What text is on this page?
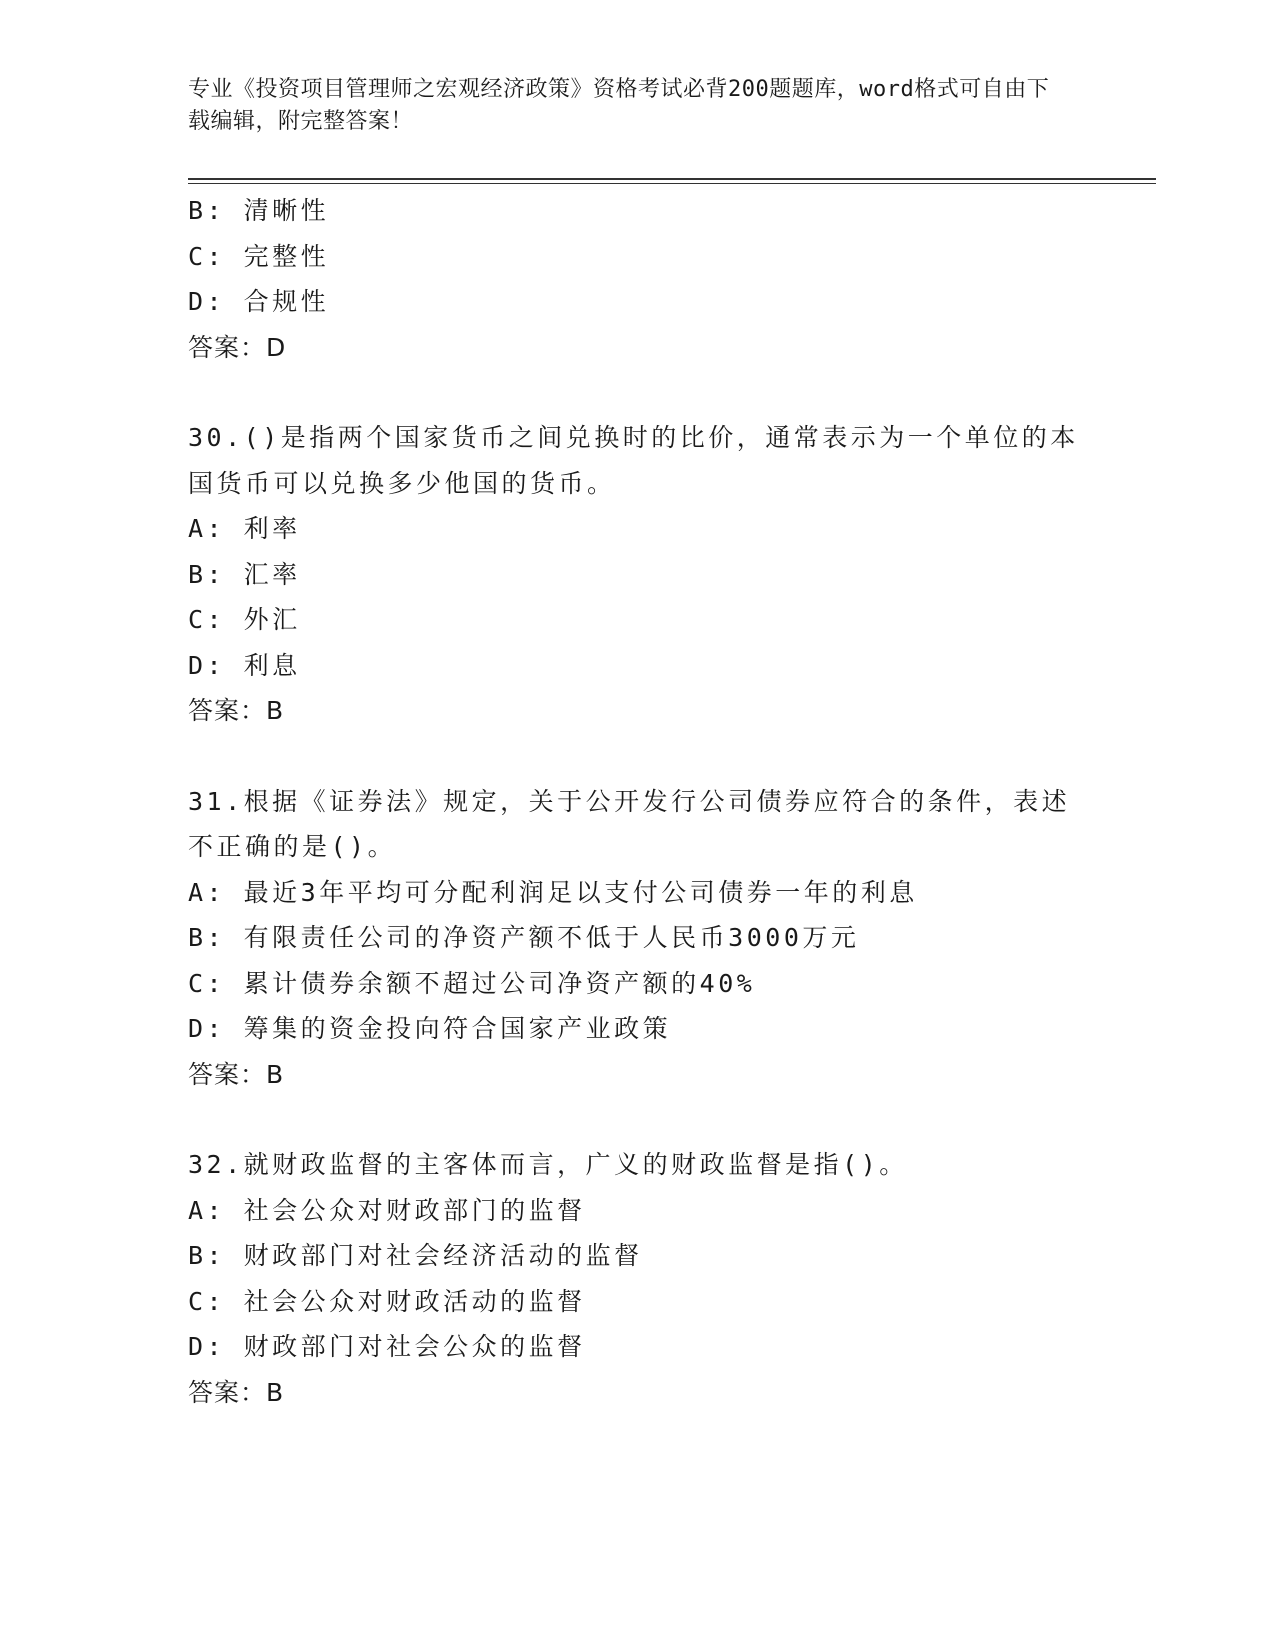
专业《投资项目管理师之宏观经济政策》资格考试必背200题题库，word格式可自由下载编辑，附完整答案！
B: 清晰性
C: 完整性
D: 合规性
答案：D
30.()是指两个国家货币之间兑换时的比价，通常表示为一个单位的本国货币可以兑换多少他国的货币。
A: 利率
B: 汇率
C: 外汇
D: 利息
答案：B
31.根据《证券法》规定，关于公开发行公司债券应符合的条件，表述不正确的是()。
A: 最近3年平均可分配利润足以支付公司债券一年的利息
B: 有限责任公司的净资产额不低于人民币3000万元
C: 累计债券余额不超过公司净资产额的40%
D: 筹集的资金投向符合国家产业政策
答案：B
32.就财政监督的主客体而言，广义的财政监督是指()。
A: 社会公众对财政部门的监督
B: 财政部门对社会经济活动的监督
C: 社会公众对财政活动的监督
D: 财政部门对社会公众的监督
答案：B
